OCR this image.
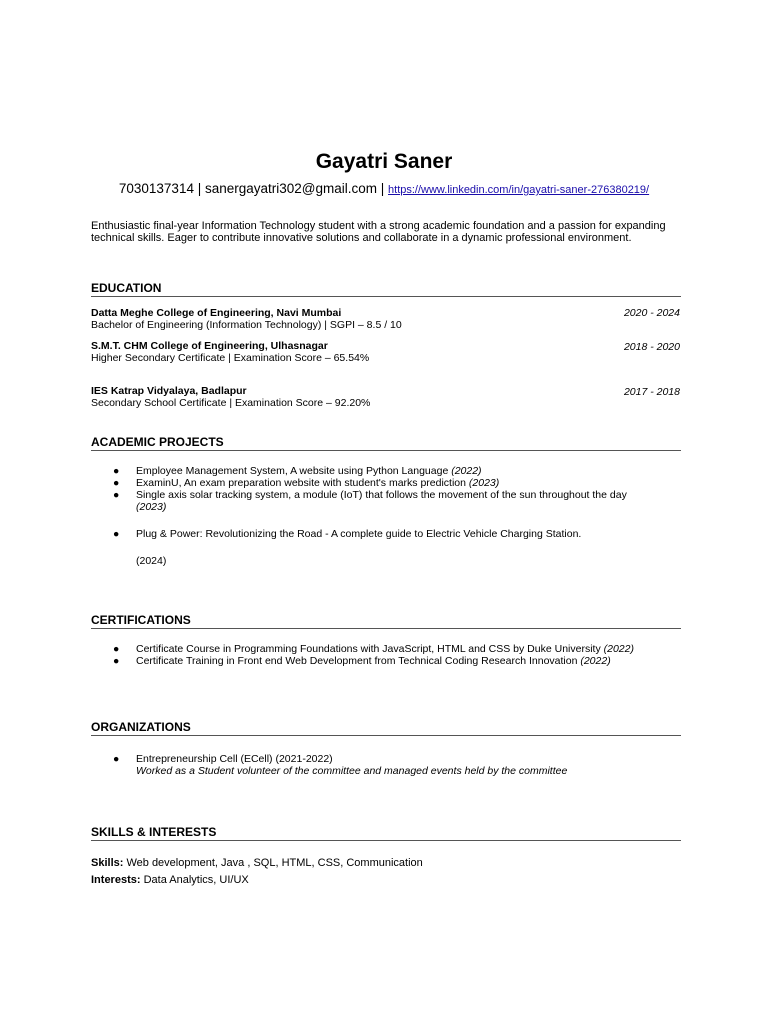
Gayatri Saner
7030137314 | sanergayatri302@gmail.com | https://www.linkedin.com/in/gayatri-saner-276380219/
Enthusiastic final-year Information Technology student with a strong academic foundation and a passion for expanding technical skills. Eager to contribute innovative solutions and collaborate in a dynamic professional environment.
EDUCATION
Datta Meghe College of Engineering, Navi Mumbai	2020 - 2024
Bachelor of Engineering (Information Technology) | SGPI – 8.5 / 10
S.M.T. CHM College of Engineering, Ulhasnagar	2018 - 2020
Higher Secondary Certificate | Examination Score – 65.54%
IES Katrap Vidyalaya, Badlapur	2017 - 2018
Secondary School Certificate | Examination Score – 92.20%
ACADEMIC PROJECTS
● Employee Management System, A website using Python Language (2022)
● ExaminU, An exam preparation website with student's marks prediction (2023)
● Single axis solar tracking system, a module (IoT) that follows the movement of the sun throughout the day
(2023)
● Plug & Power: Revolutionizing the Road - A complete guide to Electric Vehicle Charging Station.
(2024)
CERTIFICATIONS
● Certificate Course in Programming Foundations with JavaScript, HTML and CSS by Duke University (2022)
● Certificate Training in Front end Web Development from Technical Coding Research Innovation (2022)
ORGANIZATIONS
● Entrepreneurship Cell (ECell) (2021-2022)
Worked as a Student volunteer of the committee and managed events held by the committee
SKILLS & INTERESTS
Skills: Web development, Java , SQL, HTML, CSS, Communication
Interests: Data Analytics, UI/UX
